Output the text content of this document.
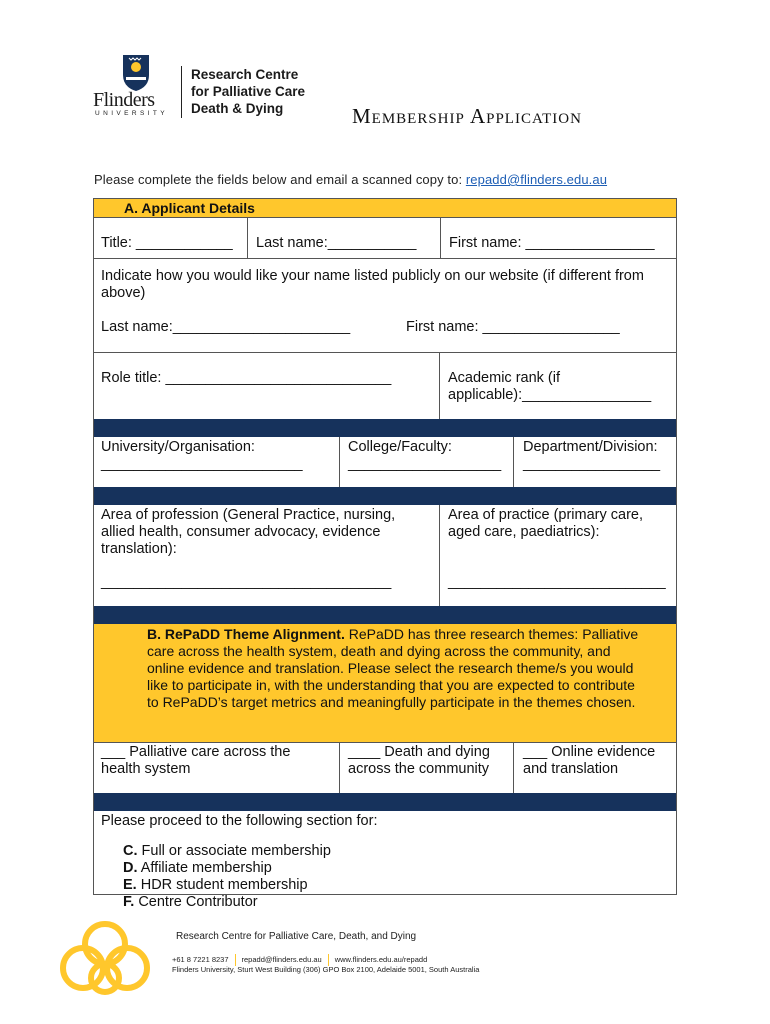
Flinders
UNIVERSITY
Research Centre
for Palliative Care
Death & Dying	Membership Application
Please complete the fields below and email a scanned copy to: repadd@flinders.edu.au
A. Applicant Details
Title: ____________ Last name:___________ First name: ________________
Indicate how you would like your name listed publicly on our website (if different from above)
Last name:______________________	First name: _________________
Role title: ____________________________	Academic rank (if
applicable):________________
University/Organisation:
_________________________
College/Faculty:
___________________
Department/Division:
_________________
Area of profession (General Practice, nursing, allied health, consumer advocacy, evidence translation):
____________________________________
Area of practice (primary care, aged care, paediatrics):
___________________________
B. RePaDD Theme Alignment. RePaDD has three research themes: Palliative care across the health system, death and dying across the community, and online evidence and translation. Please select the research theme/s you would like to participate in, with the understanding that you are expected to contribute to RePaDD’s target metrics and meaningfully participate in the themes chosen.
___ Palliative care across the health system
____ Death and dying across the community
___ Online evidence and translation
Please proceed to the following section for:
C. Full or associate membership
D. Affiliate membership
E. HDR student membership
F. Centre Contributor
Research Centre for Palliative Care, Death, and Dying
+61 8 7221 8237 repadd@flinders.edu.au www.flinders.edu.au/repadd
Flinders University, Sturt West Building (306) GPO Box 2100, Adelaide 5001, South Australia
